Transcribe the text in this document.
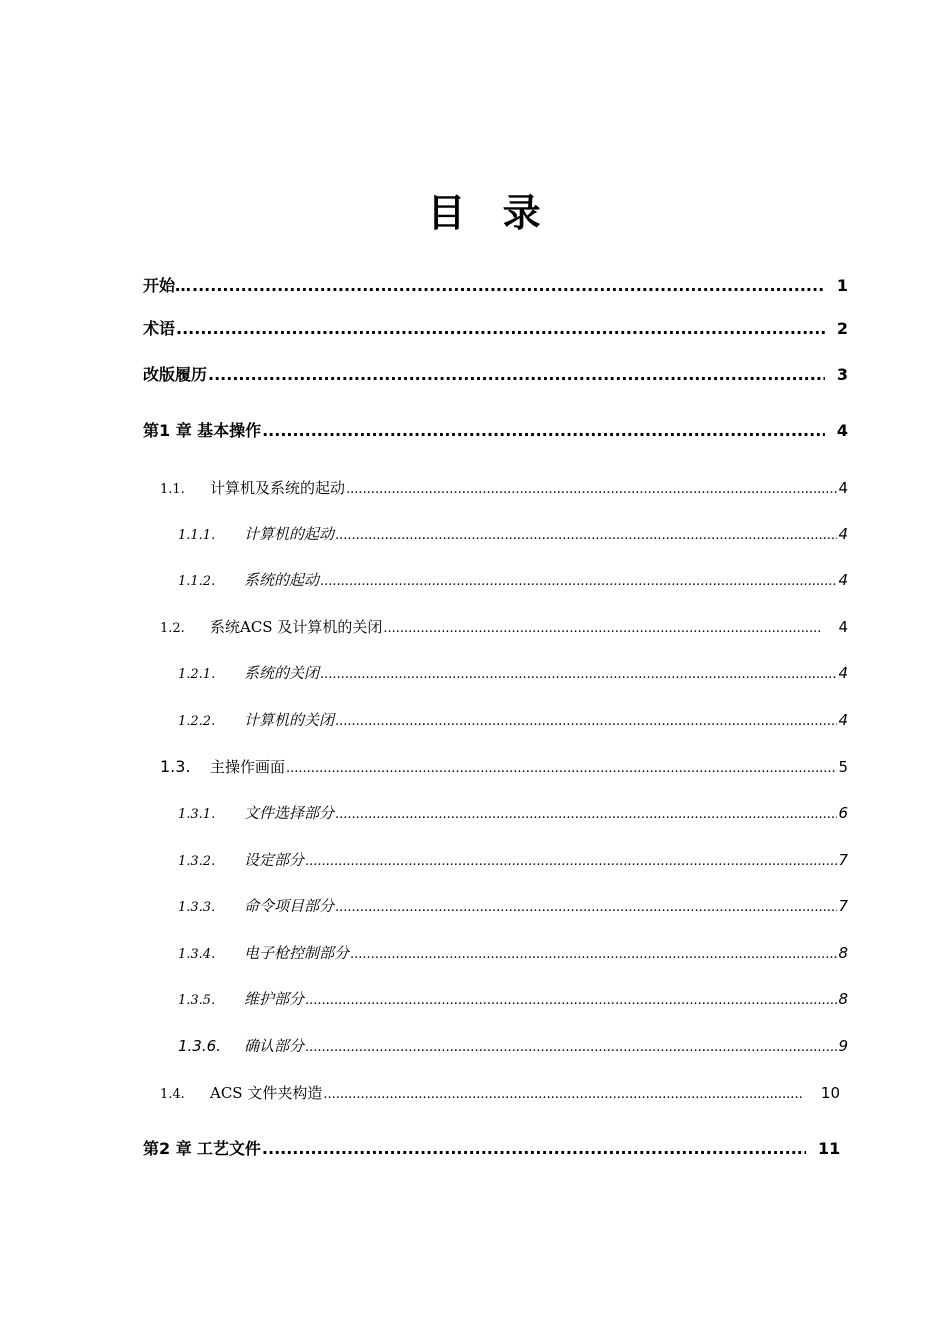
目 录
开始… .....	1
术语 .....	2
改版履历 .....	3
第1 章 基本操作 .....	4
1.1.	计算机及系统的起动 .....	4
1.1.1.	计算机的起动 .....	4
1.1.2.	系统的起动 .....	4
1.2.	系统ACS 及计算机的关闭 .....	4
1.2.1.	系统的关闭 .....	4
1.2.2.	计算机的关闭 .....	4
1.3.	主操作画面 .....	5
1.3.1.	文件选择部分 .....	6
1.3.2.	设定部分 .....	7
1.3.3.	命令项目部分 .....	7
1.3.4.	电子枪控制部分 .....	8
1.3.5.	维护部分 .....	8
1.3.6.	确认部分 .....	9
1.4.	ACS 文件夹构造 .....	10
第2 章 工艺文件 .....	11
